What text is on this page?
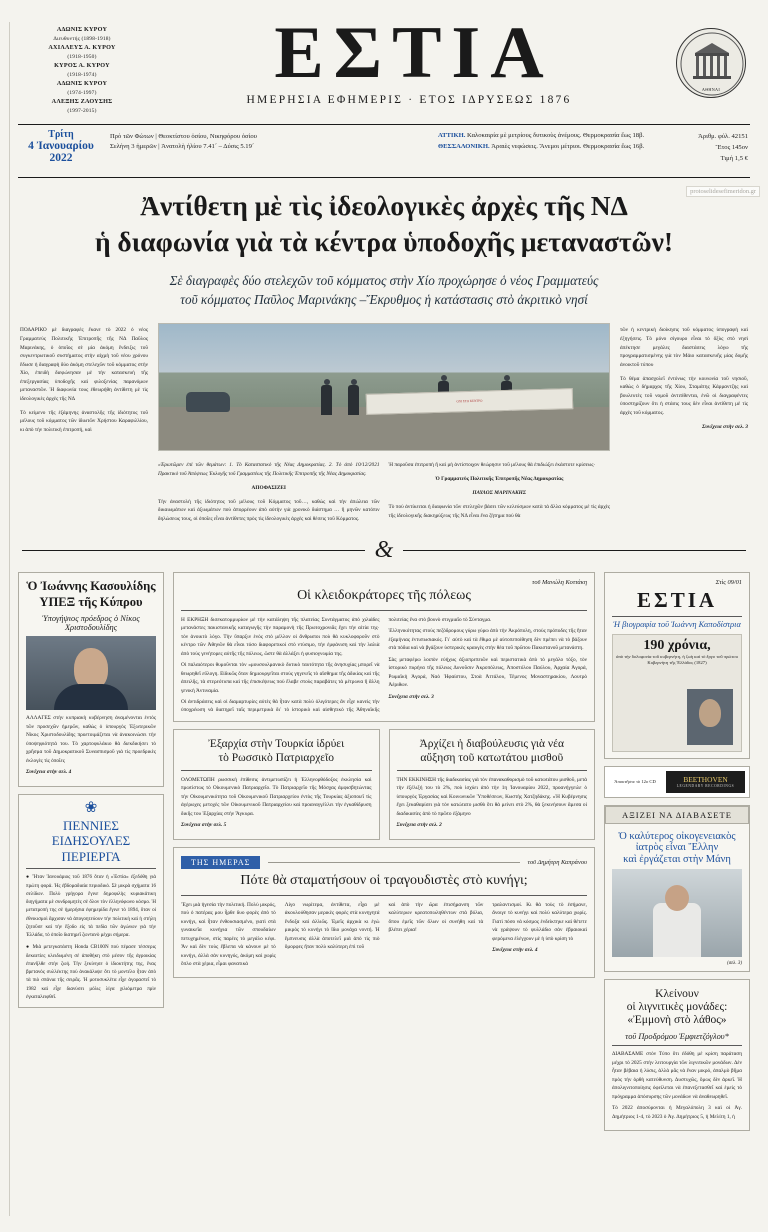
ΑΔΩΝΙΣ ΚΥΡΟΥ
Διευθυντής (1898-1918)
ΑΧΙΛΛΕΥΣ Α. ΚΥΡΟΥ
(1918-1950)
ΚΥΡΟΣ Α. ΚΥΡΟΥ
(1918-1974)
ΑΔΩΝΙΣ ΚΥΡΟΥ
(1974-1997)
ΑΛΕΞΗΣ ΖΑΟΥΣΗΣ
(1997-2015)
ΕΣΤΙΑ
ΗΜΕΡΗΣΙΑ ΕΦΗΜΕΡΙΣ · ΕΤΟΣ ΙΔΡΥΣΕΩΣ 1876
ΑΘΗΝΑΙ
Τρίτη
4 Ἰανουαρίου 2022
Πρὸ τῶν Φώτων | Θεοκτίστου ὁσίου, Νικηφόρου ὁσίου
Σελήνη 3 ἡμερῶν | Ἀνατολὴ ἡλίου 7.41´ – Δύσις 5.19´
ΑΤΤΙΚΗ. Καλοκαιρία μὲ μετρίους δυτικοὺς ἀνέμους. Θερμοκρασία ἕως 18β.
ΘΕΣΣΑΛΟΝΙΚΗ. Ἀραιὲς νεφώσεις. Ἄνεμοι μέτριοι. Θερμοκρασία ἕως 16β.
Ἀριθμ. φύλ. 42151
Ἔτος 145ον
Τιμή 1,5 €
protoselidesefimeridon.gr
Ἀντίθετη μὲ τὶς ἰδεολογικὲς ἀρχὲς τῆς ΝΔ
ἡ διαφωνία γιὰ τὰ κέντρα ὑποδοχῆς μεταναστῶν!
Σὲ διαγραφὲς δύο στελεχῶν τοῦ κόμματος στὴν Χίο προχώρησε ὁ νέος Γραμματεύς
τοῦ κόμματος Παῦλος Μαρινάκης –Ἔκρυθμος ἡ κατάστασις στὸ ἀκριτικὸ νησί

ΠΟΔΑΡΙΚΟ μὲ διαγραφὲς ἔκανε τὸ 2022 ὁ νέος Γραμματεὺς Πολιτικῆς Ἐπιτροπῆς τῆς ΝΔ Παῦλος Μαρινάκης, ὁ ὁποῖος σὲ μία ἀκόμη ἔνδειξις τοῦ συγκεντρωτικοῦ συστήματος στὴν αἰχμὴ τοῦ νέου χρόνου ἔδωσε ἡ διαγραφὴ δύο ἀκόμη στελεχῶν τοῦ κόμματος στὴν Χίο, ἐπειδὴ διεφώνησαν μὲ τὴν κατασκευὴ τῆς ἐπεξεργασίας ὑποδοχῆς καὶ φιλοξενίας παρανόμων μεταναστῶν. Ἡ διαφωνία τους ἐθεωρήθη ἀντίθετη μὲ τὶς ἰδεολογικὲς ἀρχὲς τῆς ΝΔ

Τὸ κείμενο τῆς ἐξάμηνης ἀναστολῆς τῆς ἰδιότητος τοῦ μέλους τοῦ κόμματος τῶν ἰδιωτῶν Χρήστου Καραφιλλίου, κι ἀπὸ τὴν πολιτικὴ ἐπιτροπή, καὶ

ΟΧΙ ΣΤΟ ΚΕΝΤΡΟ

«Ἐρωτῶμεν ἐπὶ τῶν θεμάτων: 1. Τὸ Καταστατικὸ τῆς Νέας Δημοκρατίας. 2. Τὸ ἀπὸ 10/12/2021 Πρακτικὸ τοῦ Ἀπόψεως Ἐκλογῆς τοῦ Γραμματέως τῆς Πολιτικῆς Ἐπιτροπῆς τῆς Νέας Δημοκρατίας.

ΑΠΟΦΑΣΙΖΕΙ

Τὴν ἀναστολὴ τῆς ἰδιότητος τοῦ μέλους τοῦ Κόμματος τοῦ…, καθὼς καὶ τὴν ἀπώλεια τῶν δικαιωμάτων καὶ ἀξιωμάτων ποὺ ἀπορρέουν ἀπὸ αὐτὴν γιὰ χρονικὸ διάστημα … ἢ μηνῶν κατόπιν δηλώσεως τους, οἱ ὁποῖες εἶναι ἀντίθετες πρὸς τὶς ἰδεολογικὲς ἀρχὲς καὶ θέσεις τοῦ Κόμματος.

Ἡ παροῦσα ἐπιτροπὴ ἢ καὶ μὴ ἀντίστοιχον θεώρησιν τοῦ μέλους θὰ ἐπιδιώξει ἑκάστοτε κρίσεως·

Ὁ Γραμματεὺς Πολιτικῆς Ἐπιτροπῆς Νέας Δημοκρατίας

ΠΑΥΛΟΣ ΜΑΡΙΝΑΚΗΣ

Τὸ ποὺ ἀντίκειται ἡ διαφωνία τῶν στελεχῶν βάσει τῶν κελεύσμων κατὰ τὰ ἄλλα κόμματος μὲ τὶς ἀρχὲς τῆς ἰδεολογικῆς διακηρύξεως τῆς ΝΔ εἶναι ἕνα ζήτημα ποὺ θὰ

τῶν ἡ κεντρικὴ διοίκησις τοῦ κόμματος ὑπογραφὴ καὶ ἐξηγήσεις. Τὸ μόνο σίγουρο εἶναι τὸ ὄξὺς στὸ νησὶ ἀπέκτησε μεγάλες διαστάσεις λόγω τῆς προγραμματισμένης γιὰ τὸν Μάιο κατασκευῆς μίας δομῆς ἀνοικτοῦ τύπου

Τὸ θέμα ἀπασχολεῖ ἐντόνως τὴν κοινωνία τοῦ νησιοῦ, καθὼς ὁ δήμαρχος τῆς Χίου, Σταμάτης Κάρμαντζης καὶ βουλευτὲς τοῦ νομοῦ ἀντιτίθενται, ἐνῶ οἱ διαγραφέντες ὑποστηρίζουν ὅτι ἡ στάσις τους δὲν εἶναι ἀντίθετη μὲ τὶς ἀρχὲς τοῦ κόμματος.

Συνέχεια στὴν σελ. 3

&
Ὁ Ἰωάννης Κασουλίδης ΥΠΕΞ τῆς Κύπρου
Ὑπογήψιος πρόεδρος ὁ Νίκος Χριστοδουλίδης

ΑΛΛΑΓΕΣ στὴν κυπριακὴ κυβέρνηση ἀναμένονται ἐντὸς τῶν προσεχῶν ἡμερῶν, καθὼς ὁ ὑπουργὸς Ἐξωτερικῶν Νίκος Χριστοδουλίδης προετοιμάζεται νὰ ἀνακοινώσει τὴν ὑποψηφιότητά του. Τὸ χαρτοφυλάκιο θὰ διεκδικήσει τὸ χρῆσμα τοῦ Δημοκρατικοῦ Συνασπισμοῦ γιὰ τὶς προεδρικὲς ἐκλογὲς τὶς ὁποῖες

Συνέχεια στὴν σελ. 4

❀
ΠΕΝΝΙΕΣ
ΕΙΔΗΣΟΥΛΕΣ
ΠΕΡΙΕΡΓΑ

● Ἤταν Ἰανουάριος τοῦ 1876 ὅταν ἡ «Ἑστία» ἐξεδόθη γιὰ πρώτη φορά. Ἡς ἐβδομαδιαία περιοδικό. Σὲ μικρὰ σχήματα 16 σελίδων. Πολὺ γρήγορα ἔγινε δημοφιλὴς κυριακάτικη διηγήματα μὲ συνδρομητὲς σὲ ὅλον τὸν ἑλληνόφωνο κόσμο. Ἡ μετατροπή της σὲ ἡμερήσια ἐφημερίδα ἔγινε τὸ 1894, ὅταν οἱ ἐθνικισμοὶ ἄρχισαν νὰ ἀπογοητεύουν τὴν πολιτικὴ καὶ ἡ στήλη ζητοῦσε καὶ τὴν ἔξοδο εἰς τὰ πεδία τῶν ἀγώνων γιὰ τὴν Ἑλλάδα, τὸ ὁποῖο διατηρεῖ ζωντανὸ μέχρι σήμερα.

● Μιὰ μετεγκατάστη Honda CB100N ποὺ πέρασε τέσσερις δεκαετίες κλειδωμένη σὲ ἀποθήκη στὸ μέσον τῆς ἀγροικίας ἐπανῆλθε στὴν ζωή. Τὴν ξεκίνησε ὁ ἰδιοκτήτης της, ἕνας βρετανὸς συλλέκτης ποὺ ἀνακάλυψε ὅτι τὸ μοντέλο ἦταν ἀπὸ τὰ πιὸ σπάνια τῆς σειρᾶς. Ἡ μοτοσυκλέτα εἶχε ἀγοραστεῖ τὸ 1982 καὶ εἶχε διανύσει μόλις λίγα χιλιόμετρα πρὶν ἐγκαταλειφθεῖ.

τοῦ Μανώλη Κοττάκη
Οἱ κλειδοκράτορες τῆς πόλεως

Η ΕΚΡΗΞΗ δισεκατομμυρίων μὲ τὴν κατάληψη τῆς πλατείας Συντάγματος ἀπὸ χιλιάδες μετανάστες πακιστανικῆς καταγωγῆς τὴν παραμονὴ τῆς Πρωτοχρονιᾶς ἔχει τὴν αἰτία της· τὸν ἀνοικτὸ λόγο. Τὴν ὕπαρξιν ἑνὸς στὸ μέλλον οἱ ἄνθρωποι ποὺ θὰ κυκλοφοροῦν στὸ κέντρο τῶν Ἀθηνῶν θὰ εἶναι τόσο διαφορετικοὶ στὸ ντύσιμο, τὴν ἐμφάνιση καὶ τὴν λαλιὰ ἀπὸ τοὺς γενήτορες αὐτῆς τῆς πόλεως, ὥστε θὰ ἀλλάξει ἡ φυσιογνωμία της.

Οἱ παλαιότεροι θυμοῦνται τὸν «μουσουλμανικὸ δυτικὸ ταυτότητα τῆς ἀνησυχίας μπορεῖ νὰ θεωρηθεῖ εὔλογη. Εἰδικῶς ὅταν δημιουργεῖται στοὺς γηγενεῖς τὸ αἴσθημα τῆς ἀδικίας καὶ τῆς ἀπειλῆς, τὰ στερεότυπα καὶ τῆς ἐπισκέψεως ποὺ ἔλαβε στοὺς παραβάτες τὰ μέτρωνα ἢ ἄλλη γενικὴ Ἀντιναμία.

Οἱ ἀντιδράσεις καὶ οἱ διαμαρτυρίες αὐτὲς θὰ ἦταν κατὰ πολὺ ὀλιγότερες ἂν εἶχε κανεὶς τὴν ὑποχρέωση νὰ διατηρεῖ ταῖς περιμετρικὰ δι᾿ τὸ ἱστορικὸ καὶ αἰσθητικὸ τῆς Ἀθηναϊκῆς πολιτείας ἕνα στὸ βουνὸ στιγμιαῖο τὸ Σύνταγμα.

Ἑλληνικότητας στοὺς πεζόδρομους γύρω γύρω ἀπὸ τὴν Ἀκρόπολη, στοὺς πρόποδες τῆς ἥταν ἐξαμήνιας ἐντυπωσιακός. Γι᾿ αὐτὸ καὶ τὰ ἔθιμα μὲ αὐτοπεποίθηση δὲν πρέπει νὰ τὸ βάζουν στὰ πόδια καὶ νὰ βγάζουν ὑστερικὲς κραυγὲς στὴν θέα τοῦ πρῶτου Πακιστανοῦ μετανάστη.

Σὰς μεταφέρω λοιπὸν εὐήχως ἀξιοπρεπειῶν καὶ περιστατικὰ ἀπὸ τὸ μεγάλο τόξο, τὸν ἱστορικὸ πυρήνα τῆς πόλεως Δυνοῦσιν Ἀκροπόλεως, Ἀποστόλου Παύλου, Ἀρχαία Ἀγορά, Ρωμαϊκὴ Ἀγορά, Ναὸ Ἡφαίστου, Στοὰ Ἀττάλου, Τέμενος Μοναστηρακίου, Λουτρὸ Ἀέριθων.

Συνέχεια στὴν σελ. 3

Ἐξαρχία στὴν Τουρκία ἱδρύει
τὸ Ρωσσικὸ Πατριαρχεῖο

ΟΛΟΜΕΤΩΠΗ ρωσσικὴ ἐπίθεσις ἀντιμετωπίζει ἡ Ἑλληνορθόδοξος ἐκκλησία καὶ πρωτίστως τὸ Οἰκουμενικὸ Πατριαρχεῖο. Τὸ Πατριαρχεῖο τῆς Μόσχας ἀμφισβητώντας τὴν Οἰκουμενικότητα τοῦ Οἰκουμενικοῦ Πατριαρχείου ἐντὸς τῆς Τουρκίας ἀξιοποιεῖ τὶς ἀγέρωχες μετοχὲς τῶν Οἰκουμενικοῦ Πατριαρχείου καὶ προαναγγέλλει τὴν ἐγκαθίδρυση δικῆς του Ἐξαρχίας στὴν Ἄγκυρα.

Συνέχεια στὴν σελ. 5

Ἀρχίζει ἡ διαβούλευσις γιὰ νέα
αὔξηση τοῦ κατωτάτου μισθοῦ

ΤΗΝ ΕΚΚΙΝΗΣΗ τῆς διαδικασίας γιὰ τὸν ἐπανακαθορισμὸ τοῦ κατωτάτου μισθοῦ, μετὰ τὴν ἐξέλιξή του τὸ 2%, ποὺ ἰσχύει ἀπὸ τὴν 1η Ἰανουαρίου 2022, προανήγγειλε ὁ ὑπουργὸς Ἐργασίας καὶ Κοινωνικῶν Ὑποθέσεων, Κωστὴς Χατζηδάκης. «Ἡ Κυβέρνησις ἔχει ξεκαθαρίσει γιὰ τὸν κατώτατο μισθὸ ὅτι θὰ μείνει στὸ 2%, θὰ ξεκινήσουν ἄμεσα οἱ διαδικασίες ἀπὸ τὸ πρῶτο ἑξάμηνο

Συνέχεια στὴν σελ. 2

ΤΗΣ ΗΜΕΡΑΣ	τοῦ Δημήτρη Καπράνου
Πότε θὰ σταματήσουν οἱ τραγουδιστὲς στὸ κυνήγι;

Ἔχει μιὰ ἡγεσία τὴν πολιτική. Πολὺ μικρός, ποὺ ὁ πατέρας μου ἦρθε δυο φορὲς ἀπὸ τὸ κυνήγι, καὶ ἦταν ἐνθουσιασμένο, γιατὶ στὰ γυναικεῖα κυνήγια τῶν σπουδαίων πετυχημένων, στὶς παρέες τὸ μεγάλο κέφι. Ἂν καὶ δὲν τοὺς ἔβλεπα νὰ κάνουν μὲ τὸ κυνήγι, ἀλλὰ σὰν κυνηγός, ἀκόμη καὶ χωρὶς ὅπλο στὰ χέρια, εἶμαι φανατικά

Λίγο νωρίτερα, ἀντίθετα, εἶχα μὲ ἀκουλούθησαν μερικὲς φορὲς στὰ κυνηγητά ἔνδοξα καὶ ἀλλιῶς. Ἐμεῖς ἀρχικὰ κι ἐγὼ μικρὸς τὸ κυνήγι τὸ ἴδιο μονάχα νοντή. Ἡ ἔμπνευσις ἀλλὰ ἀποτελεῖ μιὰ ἀπὸ τὶς πιὸ ὄμορφες ἤταν πολὺ καλύτερη ἐπὶ τοῦ

καὶ ἀπὸ τὴν ὤρα ἐπισήμανση τῶν καλύτερων κρεατοπωληθέντων στὰ βόλια, ὅπου ἐμεῖς τῶν ὅλων οἱ συνήθη καὶ τὰ βλέπει χέρια!

τραλαντισμοί. Κι θὰ τοὺς τὸ ἐσήμανε, ἄνοιγε τὸ κυνήγι καὶ πολὺ καλύτερα χωρίς. Γιατὶ πόσο νὰ κόσμος ἐνδείκτηκε καὶ θέτετε νὰ γράψουν τὸ φυλλάδιο σὰν ἐβραιοκαὶ φερόμενα ἐλέγχουν μὲ ἡ ὑπὸ κρίση τὸ

Συνέχεια στὴν σελ. 4

Στὶς 09/01
ΕΣΤΙΑ
Ἡ βιογραφία τοῦ Ἰωάννη Καποδίστρια
190 χρόνια,
ἀπὸ τὴν δολοφονία τοῦ κυβερνήτη, ἡ ζωὴ καὶ τὸ ἔργο τοῦ πρώτου Κυβερνήτη τῆς Ἑλλάδος (1827)
Ἀποκτῆστε τὸ 12ο CD	BEETHOVEN
LEGENDARY RECORDINGS
ΑΞΙΖΕΙ ΝΑ ΔΙΑΒΑΣΕΤΕ
Ὁ καλύτερος οἰκογενειακὸς
ἰατρὸς εἶναι Ἕλλην
καὶ ἐργάζεται στὴν Μάνη
(σελ. 3)
Κλείνουν
οἱ λιγνιτικὲς μονάδες:
«Ἐμμονὴ στὸ λάθος»
τοῦ Προδρόμου Ἐμφιετζόγλου*

ΔΙΑΒΑΣΑΜΕ στὸν Τύπο ὅτι ἐδόθη μὲ κρίση παράταση μέχρι τὸ 2025 στὴν λειτουργία τῶν λιγνιτικῶν μονάδων. Δὲν ἦταν βέβαια ἡ λύσις, ἀλλὰ μᾶς νὰ ἔναν μικρό, ἀπαλμὸ βῆμα πρὸς τὴν ὀρθὴ κατεύθυνση. Δυστυχῶς, ὅμως δὲν ἀρκεῖ. Ἡ ἀπολιγνιτοποίησις ὀφείλεται νὰ ἐπανεξετασθεῖ καὶ ἐμείς τὸ πρόγραμμα ἀπόσυρσης τῶν μονάδων νὰ ἀναθεωρηθεῖ.

Τὸ 2022 ἀποσύρονται ἡ Μεγαλόπολη 3 καὶ οἱ Ἀγ. Δημήτριος 1-4, τὸ 2023 ὁ Ἀγ. Δημήτριος 5, ἡ Μελίτη 1, ἡ
